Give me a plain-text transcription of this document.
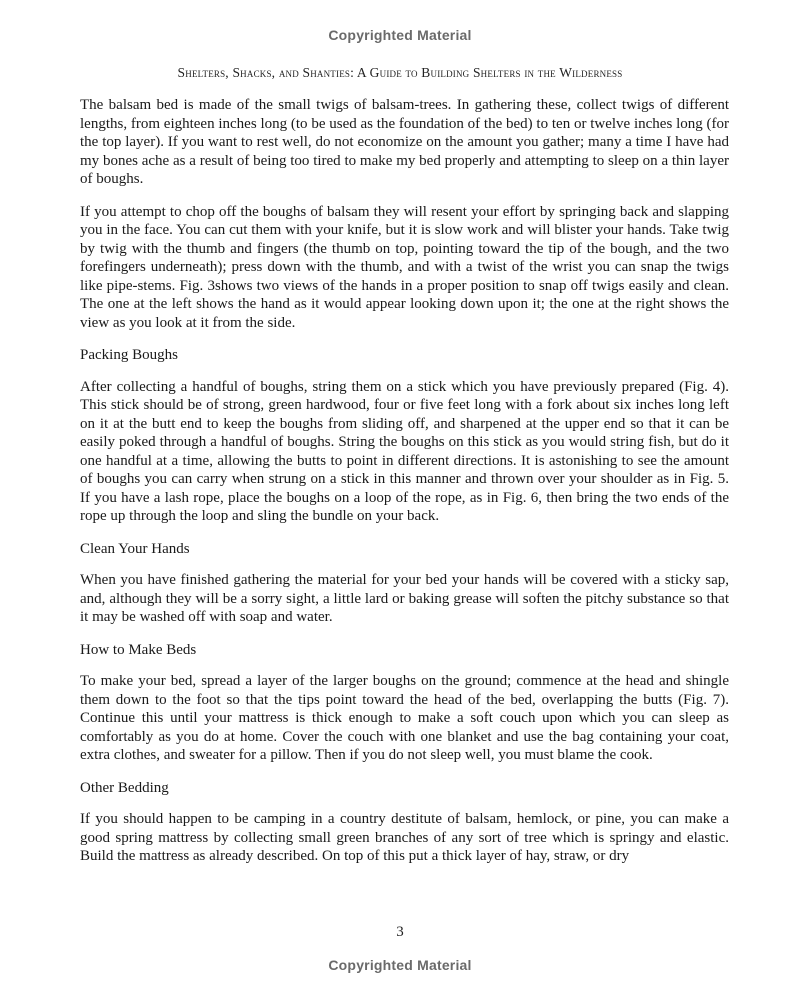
Copyrighted Material
Shelters, Shacks, and Shanties: A Guide to Building Shelters in the Wilderness

The balsam bed is made of the small twigs of balsam-trees. In gathering these, collect twigs of different lengths, from eighteen inches long (to be used as the foundation of the bed) to ten or twelve inches long (for the top layer). If you want to rest well, do not economize on the amount you gather; many a time I have had my bones ache as a result of being too tired to make my bed properly and attempting to sleep on a thin layer of boughs.

If you attempt to chop off the boughs of balsam they will resent your effort by springing back and slapping you in the face. You can cut them with your knife, but it is slow work and will blister your hands. Take twig by twig with the thumb and fingers (the thumb on top, pointing toward the tip of the bough, and the two forefingers underneath); press down with the thumb, and with a twist of the wrist you can snap the twigs like pipe-stems. Fig. 3shows two views of the hands in a proper position to snap off twigs easily and clean. The one at the left shows the hand as it would appear looking down upon it; the one at the right shows the view as you look at it from the side.

Packing Boughs

After collecting a handful of boughs, string them on a stick which you have previously prepared (Fig. 4). This stick should be of strong, green hardwood, four or five feet long with a fork about six inches long left on it at the butt end to keep the boughs from sliding off, and sharpened at the upper end so that it can be easily poked through a handful of boughs. String the boughs on this stick as you would string fish, but do it one handful at a time, allowing the butts to point in different directions. It is astonishing to see the amount of boughs you can carry when strung on a stick in this manner and thrown over your shoulder as in Fig. 5. If you have a lash rope, place the boughs on a loop of the rope, as in Fig. 6, then bring the two ends of the rope up through the loop and sling the bundle on your back.

Clean Your Hands

When you have finished gathering the material for your bed your hands will be covered with a sticky sap, and, although they will be a sorry sight, a little lard or baking grease will soften the pitchy substance so that it may be washed off with soap and water.

How to Make Beds

To make your bed, spread a layer of the larger boughs on the ground; commence at the head and shingle them down to the foot so that the tips point toward the head of the bed, overlapping the butts (Fig. 7). Continue this until your mattress is thick enough to make a soft couch upon which you can sleep as comfortably as you do at home. Cover the couch with one blanket and use the bag containing your coat, extra clothes, and sweater for a pillow. Then if you do not sleep well, you must blame the cook.

Other Bedding

If you should happen to be camping in a country destitute of balsam, hemlock, or pine, you can make a good spring mattress by collecting small green branches of any sort of tree which is springy and elastic. Build the mattress as already described. On top of this put a thick layer of hay, straw, or dry

3
Copyrighted Material
